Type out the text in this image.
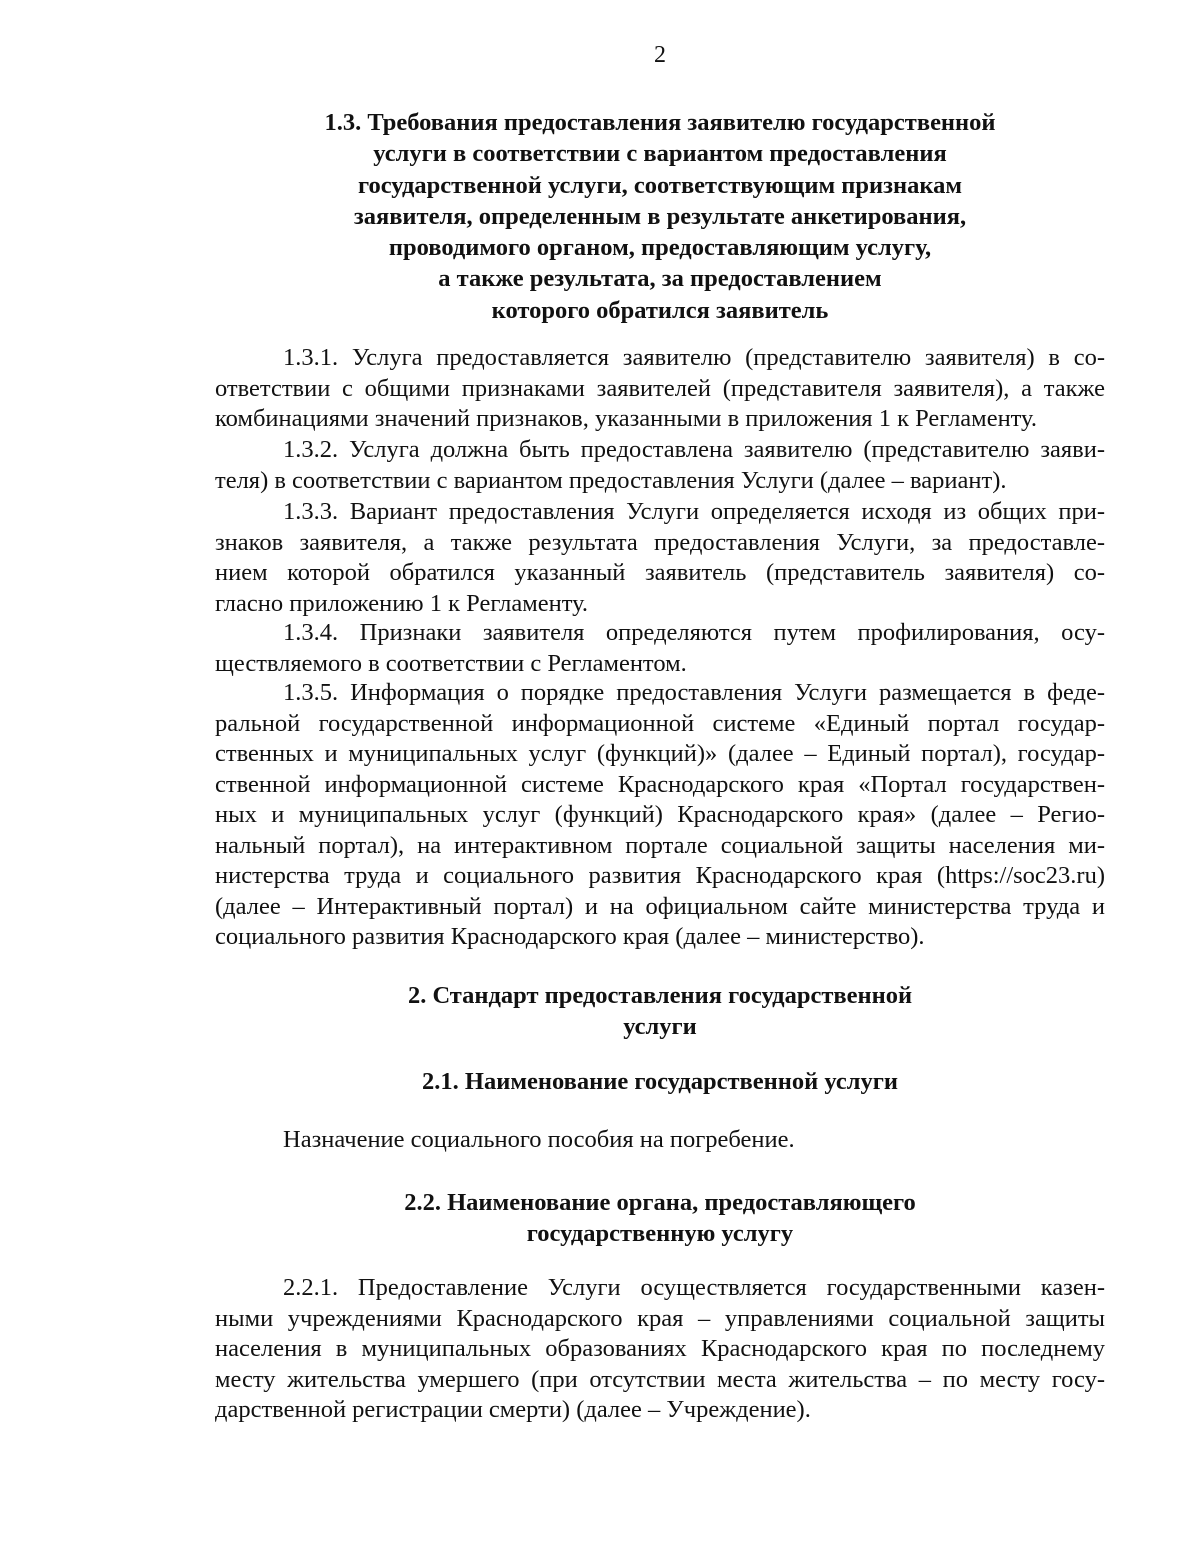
2
1.3. Требования предоставления заявителю государственной
услуги в соответствии с вариантом предоставления
государственной услуги, соответствующим признакам
заявителя, определенным в результате анкетирования,
проводимого органом, предоставляющим услугу,
а также результата, за предоставлением
которого обратился заявитель
1.3.1. Услуга предоставляется заявителю (представителю заявителя) в со-
ответствии с общими признаками заявителей (представителя заявителя), а также
комбинациями значений признаков, указанными в приложения 1 к Регламенту.
1.3.2. Услуга должна быть предоставлена заявителю (представителю заяви-
теля) в соответствии с вариантом предоставления Услуги (далее – вариант).
1.3.3. Вариант предоставления Услуги определяется исходя из общих при-
знаков заявителя, а также результата предоставления Услуги, за предоставле-
нием которой обратился указанный заявитель (представитель заявителя) со-
гласно приложению 1 к Регламенту.
1.3.4. Признаки заявителя определяются путем профилирования, осу-
ществляемого в соответствии с Регламентом.
1.3.5. Информация о порядке предоставления Услуги размещается в феде-
ральной государственной информационной системе «Единый портал государ-
ственных и муниципальных услуг (функций)» (далее – Единый портал), государ-
ственной информационной системе Краснодарского края «Портал государствен-
ных и муниципальных услуг (функций) Краснодарского края» (далее – Регио-
нальный портал), на интерактивном портале социальной защиты населения ми-
нистерства труда и социального развития Краснодарского края (https://soc23.ru)
(далее – Интерактивный портал) и на официальном сайте министерства труда и
социального развития Краснодарского края (далее – министерство).
2. Стандарт предоставления государственной
услуги
2.1. Наименование государственной услуги
Назначение социального пособия на погребение.
2.2. Наименование органа, предоставляющего
государственную услугу
2.2.1. Предоставление Услуги осуществляется государственными казен-
ными учреждениями Краснодарского края – управлениями социальной защиты
населения в муниципальных образованиях Краснодарского края по последнему
месту жительства умершего (при отсутствии места жительства – по месту госу-
дарственной регистрации смерти) (далее – Учреждение).
